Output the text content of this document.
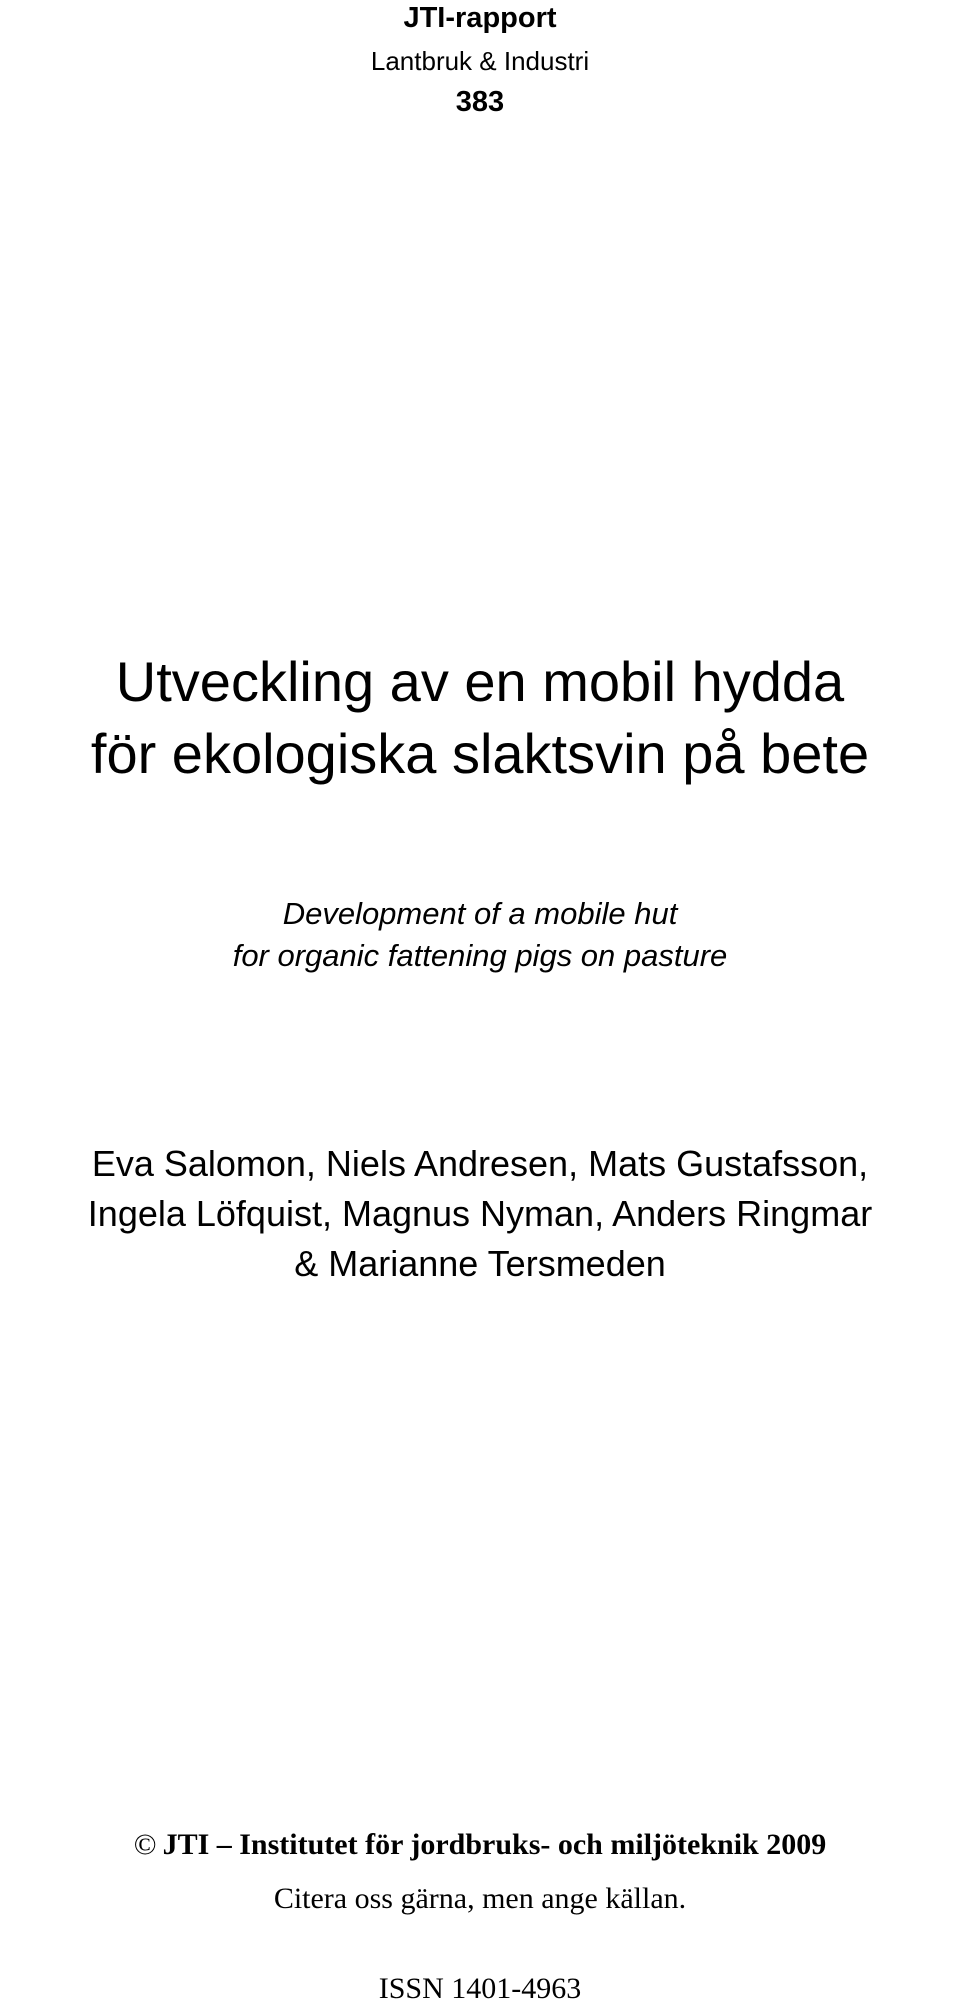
JTI-rapport
Lantbruk & Industri
383
Utveckling av en mobil hydda
för ekologiska slaktsvin på bete
Development of a mobile hut
for organic fattening pigs on pasture
Eva Salomon, Niels Andresen, Mats Gustafsson,
Ingela Löfquist, Magnus Nyman, Anders Ringmar
& Marianne Tersmeden
© JTI – Institutet för jordbruks- och miljöteknik 2009
Citera oss gärna, men ange källan.
ISSN 1401-4963
